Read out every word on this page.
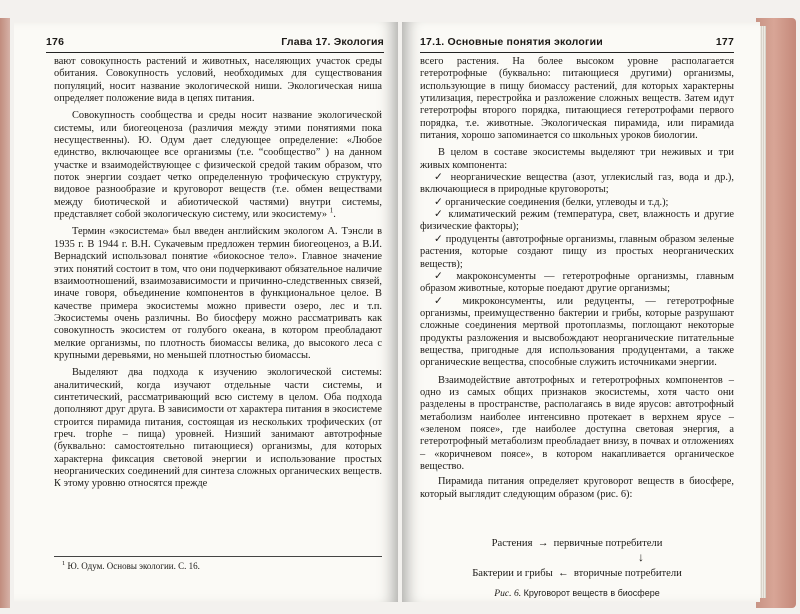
176	Глава 17. Экология

вают совокупность растений и животных, населяющих участок среды обитания. Совокупность условий, необходимых для существования популяций, носит название экологической ниши. Экологическая ниша определяет положение вида в цепях питания.

Совокупность сообщества и среды носит название экологической системы, или биогеоценоза (различия между этими понятиями пока несущественны). Ю. Одум дает следующее определение: «Любое единство, включающее все организмы (т.е. “сообщество” ) на данном участке и взаимодействующее с физической средой таким образом, что поток энергии создает четко определенную трофическую структуру, видовое разнообразие и круговорот веществ (т.е. обмен веществами между биотической и абиотической частями) внутри системы, представляет собой экологическую систему, или экосистему» $^1$.

Термин «экосистема» был введен английским экологом А. Тэнсли в 1935 г. В 1944 г. В.Н. Сукачевым предложен термин биогеоценоз, а В.И. Вернадский использовал понятие «биокосное тело». Главное значение этих понятий состоит в том, что они подчеркивают обязательное наличие взаимоотношений, взаимозависимости и причинно-следственных связей, иначе говоря, объединение компонентов в функциональное целое. В качестве примера экосистемы можно привести озеро, лес и т.п. Экосистемы очень различны. Во биосферу можно рассматривать как совокупность экосистем от голубого океана, в котором преобладают мелкие организмы, по плотность биомассы велика, до высокого леса с крупными деревьями, но меньшей плотностью биомассы.

Выделяют два подхода к изучению экологической системы: аналитический, когда изучают отдельные части системы, и синтетический, рассматривающий всю систему в целом. Оба подхода дополняют друг друга. В зависимости от характера питания в экосистеме строится пирамида питания, состоящая из нескольких трофических (от греч. trophe – пища) уровней. Низший занимают автотрофные (буквально: самостоятельно питающиеся) организмы, для которых характерна фиксация световой энергии и использование простых неорганических соединений для синтеза сложных органических веществ. К этому уровню относятся прежде

$^1$ Ю. Одум. Основы экологии. С. 16.
17.1. Основные понятия экологии	177

всего растения. На более высоком уровне располагается гетеротрофные (буквально: питающиеся другими) организмы, использующие в пищу биомассу растений, для которых характерны утилизация, перестройка и разложение сложных веществ. Затем идут гетеротрофы второго порядка, питающиеся гетеротрофами первого порядка, т.е. животные. Экологическая пирамида, или пирамида питания, хорошо запоминается со школьных уроков биологии.

В целом в составе экосистемы выделяют три неживых и три живых компонента:

✓ неорганические вещества (азот, углекислый газ, вода и др.), включающиеся в природные круговороты;

✓ органические соединения (белки, углеводы и т.д.);

✓ климатический режим (температура, свет, влажность и другие физические факторы);

✓ продуценты (автотрофные организмы, главным образом зеленые растения, которые создают пищу из простых неорганических веществ);

✓ макроконсументы — гетеротрофные организмы, главным образом животные, которые поедают другие организмы;

✓ микроконсументы, или редуценты, — гетеротрофные организмы, преимущественно бактерии и грибы, которые разрушают сложные соединения мертвой протоплазмы, поглощают некоторые продукты разложения и высвобождают неорганические питательные вещества, пригодные для использования продуцентами, а также органические вещества, способные служить источниками энергии.

Взаимодействие автотрофных и гетеротрофных компонентов – одно из самых общих признаков экосистемы, хотя часто они разделены в пространстве, располагаясь в виде ярусов: автотрофный метаболизм наиболее интенсивно протекает в верхнем ярусе – «зеленом поясе», где наиболее доступна световая энергия, а гетеротрофный метаболизм преобладает внизу, в почвах и отложениях – «коричневом поясе», в котором накапливается органическое вещество.

Пирамида питания определяет круговорот веществ в биосфере, который выглядит следующим образом (рис. 6):

Растения → первичные потребители
↓
Бактерии и грибы ← вторичные потребители
Рис. 6. Круговорот веществ в биосфере
